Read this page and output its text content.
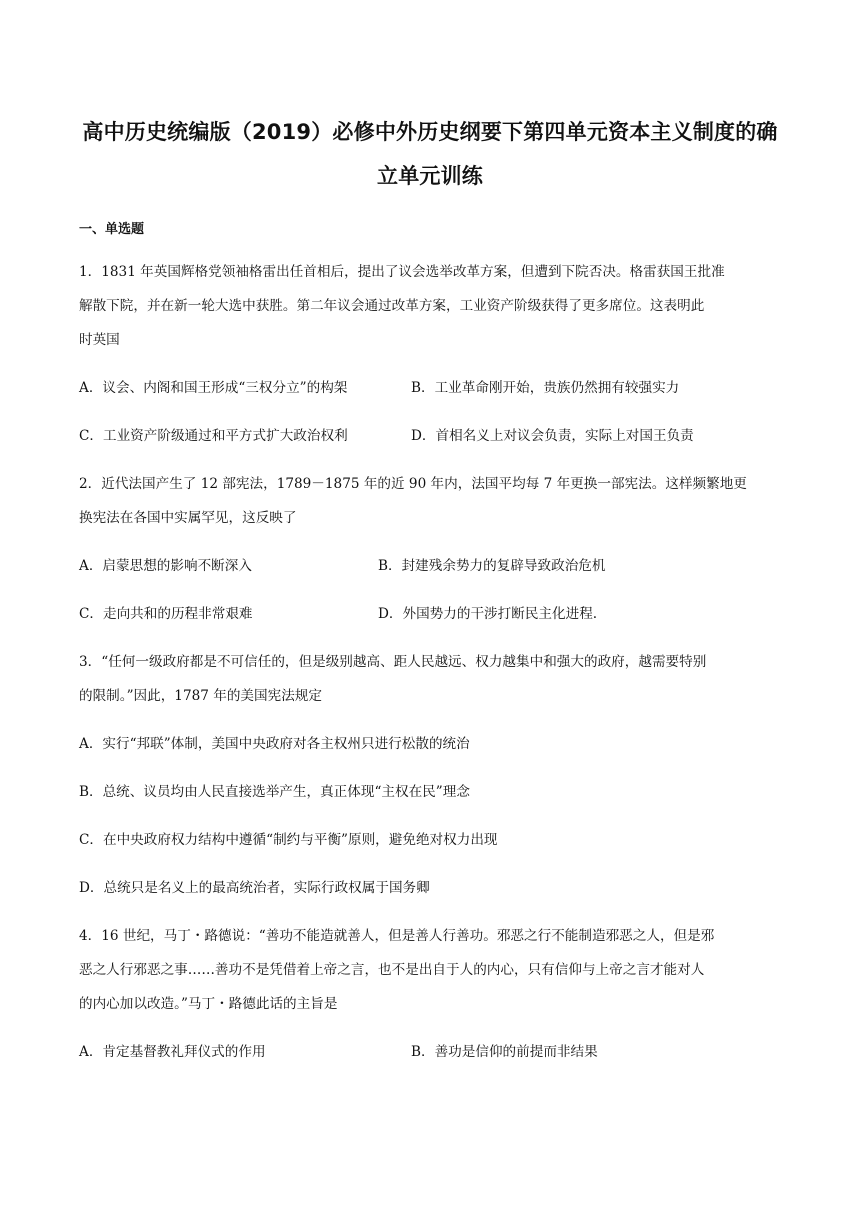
高中历史统编版（2019）必修中外历史纲要下第四单元资本主义制度的确
立单元训练
一、单选题
1．1831 年英国辉格党领袖格雷出任首相后，提出了议会选举改革方案，但遭到下院否决。格雷获国王批准
解散下院，并在新一轮大选中获胜。第二年议会通过改革方案，工业资产阶级获得了更多席位。这表明此
时英国
A．议会、内阁和国王形成“三权分立”的构架	B．工业革命刚开始，贵族仍然拥有较强实力
C．工业资产阶级通过和平方式扩大政治权利	D．首相名义上对议会负责，实际上对国王负责
2．近代法国产生了 12 部宪法，1789－1875 年的近 90 年内，法国平均每 7 年更换一部宪法。这样频繁地更
换宪法在各国中实属罕见，这反映了
A．启蒙思想的影响不断深入	B．封建残余势力的复辟导致政治危机
C．走向共和的历程非常艰难	D．外国势力的干涉打断民主化进程.
3．“任何一级政府都是不可信任的，但是级别越高、距人民越远、权力越集中和强大的政府，越需要特别
的限制。”因此，1787 年的美国宪法规定
A．实行“邦联”体制，美国中央政府对各主权州只进行松散的统治
B．总统、议员均由人民直接选举产生，真正体现“主权在民”理念
C．在中央政府权力结构中遵循“制约与平衡”原则，避免绝对权力出现
D．总统只是名义上的最高统治者，实际行政权属于国务卿
4．16 世纪，马丁・路德说：“善功不能造就善人，但是善人行善功。邪恶之行不能制造邪恶之人，但是邪
恶之人行邪恶之事……善功不是凭借着上帝之言，也不是出自于人的内心，只有信仰与上帝之言才能对人
的内心加以改造。”马丁・路德此话的主旨是
A．肯定基督教礼拜仪式的作用	B．善功是信仰的前提而非结果
